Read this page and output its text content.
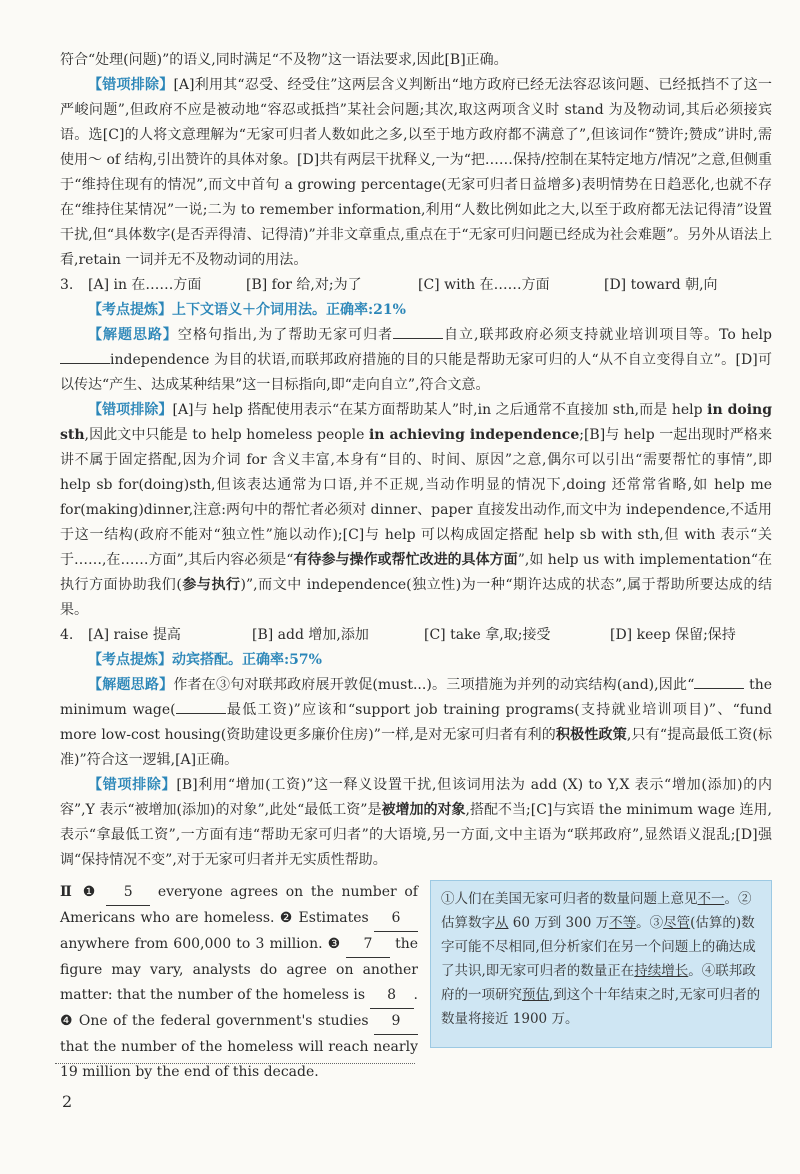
符合“处理(问题)”的语义,同时满足“不及物”这一语法要求,因此[B]正确。

【错项排除】[A]利用其“忍受、经受住”这两层含义判断出“地方政府已经无法容忍该问题、已经抵挡不了这一严峻问题”,但政府不应是被动地“容忍或抵挡”某社会问题;其次,取这两项含义时 stand 为及物动词,其后必须接宾语。选[C]的人将文意理解为“无家可归者人数如此之多,以至于地方政府都不满意了”,但该词作“赞许;赞成”讲时,需使用～ of 结构,引出赞许的具体对象。[D]共有两层干扰释义,一为“把……保持/控制在某特定地方/情况”之意,但侧重于“维持住现有的情况”,而文中首句 a growing percentage(无家可归者日益增多)表明情势在日趋恶化,也就不存在“维持住某情况”一说;二为 to remember information,利用“人数比例如此之大,以至于政府都无法记得清”设置干扰,但“具体数字(是否弄得清、记得清)”并非文章重点,重点在于“无家可归问题已经成为社会难题”。另外从语法上看,retain 一词并无不及物动词的用法。

3.	[A] in 在……方面	[B] for 给,对;为了	[C] with 在……方面	[D] toward 朝,向

【考点提炼】上下文语义＋介词用法。正确率:21%

【解题思路】空格句指出,为了帮助无家可归者	自立,联邦政府必须支持就业培训项目等。To helpindependence 为目的状语,而联邦政府措施的目的只能是帮助无家可归的人“从不自立变得自立”。[D]可以传达“产生、达成某种结果”这一目标指向,即“走向自立”,符合文意。

【错项排除】[A]与 help 搭配使用表示“在某方面帮助某人”时,in 之后通常不直接加 sth,而是 help in doing sth,因此文中只能是 to help homeless people in achieving independence;[B]与 help 一起出现时严格来讲不属于固定搭配,因为介词 for 含义丰富,本身有“目的、时间、原因”之意,偶尔可以引出“需要帮忙的事情”,即 help sb for(doing)sth,但该表达通常为口语,并不正规,当动作明显的情况下,doing 还常常省略,如 help me for(making)dinner,注意:两句中的帮忙者必须对 dinner、paper 直接发出动作,而文中为 independence,不适用于这一结构(政府不能对“独立性”施以动作);[C]与 help 可以构成固定搭配 help sb with sth,但 with 表示“关于……,在……方面”,其后内容必须是“有待参与操作或帮忙改进的具体方面”,如 help us with implementation“在执行方面协助我们(参与执行)”,而文中 independence(独立性)为一种“期许达成的状态”,属于帮助所要达成的结果。

4.	[A] raise 提高	[B] add 增加,添加	[C] take 拿,取;接受	[D] keep 保留;保持

【考点提炼】动宾搭配。正确率:57%

【解题思路】作者在③句对联邦政府展开敦促(must...)。三项措施为并列的动宾结构(and),因此“	the minimum wage(	最低工资)”应该和“support job training programs(支持就业培训项目)”、“fund more low-cost housing(资助建设更多廉价住房)”一样,是对无家可归者有利的积极性政策,只有“提高最低工资(标准)”符合这一逻辑,[A]正确。

【错项排除】[B]利用“增加(工资)”这一释义设置干扰,但该词用法为 add (X) to Y,X 表示“增加(添加)的内容”,Y 表示“被增加(添加)的对象”,此处“最低工资”是被增加的对象,搭配不当;[C]与宾语 the minimum wage 连用,表示“拿最低工资”,一方面有违“帮助无家可归者”的大语境,另一方面,文中主语为“联邦政府”,显然语义混乱;[D]强调“保持情况不变”,对于无家可归者并无实质性帮助。

Ⅱ ❶ 5 everyone agrees on the number of Americans who are homeless. ❷ Estimates 6 anywhere from 600,000 to 3 million. ❸ 7 the figure may vary, analysts do agree on another matter: that the number of the homeless is 8 . ❹ One of the federal government's studies 9 that the number of the homeless will reach nearly 19 million by the end of this decade.
①人们在美国无家可归者的数量问题上意见不一。②估算数字从 60 万到 300 万不等。③尽管(估算的)数字可能不尽相同,但分析家们在另一个问题上的确达成了共识,即无家可归者的数量正在持续增长。④联邦政府的一项研究预估,到这个十年结束之时,无家可归者的数量将接近 1900 万。
2
